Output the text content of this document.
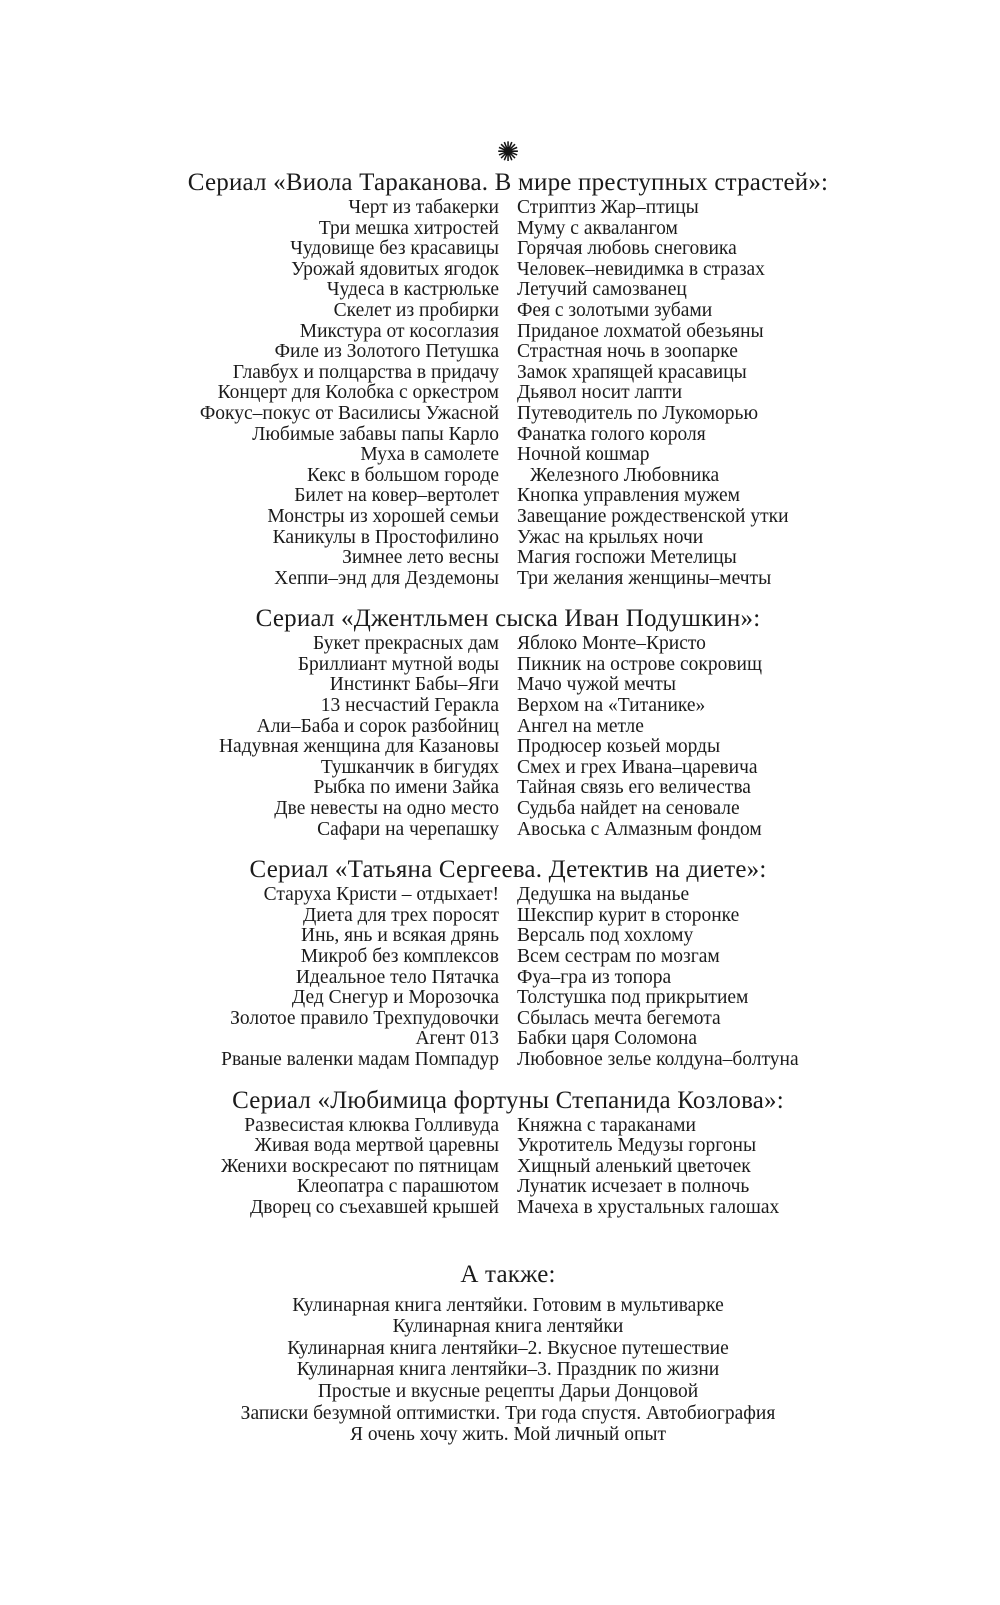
✺
Сериал «Виола Тараканова. В мире преступных страстей»:
Черт из табакерки
Три мешка хитростей
Чудовище без красавицы
Урожай ядовитых ягодок
Чудеса в кастрюльке
Скелет из пробирки
Микстура от косоглазия
Филе из Золотого Петушка
Главбух и полцарства в придачу
Концерт для Колобка с оркестром
Фокус–покус от Василисы Ужасной
Любимые забавы папы Карло
Муха в самолете
Кекс в большом городе
Билет на ковер–вертолет
Монстры из хорошей семьи
Каникулы в Простофилино
Зимнее лето весны
Хеппи–энд для Дездемоны
Стриптиз Жар–птицы
Муму с аквалангом
Горячая любовь снеговика
Человек–невидимка в стразах
Летучий самозванец
Фея с золотыми зубами
Приданое лохматой обезьяны
Страстная ночь в зоопарке
Замок храпящей красавицы
Дьявол носит лапти
Путеводитель по Лукоморью
Фанатка голого короля
Ночной кошмар
Железного Любовника
Кнопка управления мужем
Завещание рождественской утки
Ужас на крыльях ночи
Магия госпожи Метелицы
Три желания женщины–мечты
Сериал «Джентльмен сыска Иван Подушкин»:
Букет прекрасных дам
Бриллиант мутной воды
Инстинкт Бабы–Яги
13 несчастий Геракла
Али–Баба и сорок разбойниц
Надувная женщина для Казановы
Тушканчик в бигудях
Рыбка по имени Зайка
Две невесты на одно место
Сафари на черепашку
Яблоко Монте–Кристо
Пикник на острове сокровищ
Мачо чужой мечты
Верхом на «Титанике»
Ангел на метле
Продюсер козьей морды
Смех и грех Ивана–царевича
Тайная связь его величества
Судьба найдет на сеновале
Авоська с Алмазным фондом
Сериал «Татьяна Сергеева. Детектив на диете»:
Старуха Кристи – отдыхает!
Диета для трех поросят
Инь, янь и всякая дрянь
Микроб без комплексов
Идеальное тело Пятачка
Дед Снегур и Морозочка
Золотое правило Трехпудовочки
Агент 013
Рваные валенки мадам Помпадур
Дедушка на выданье
Шекспир курит в сторонке
Версаль под хохлому
Всем сестрам по мозгам
Фуа–гра из топора
Толстушка под прикрытием
Сбылась мечта бегемота
Бабки царя Соломона
Любовное зелье колдуна–болтуна
Сериал «Любимица фортуны Степанида Козлова»:
Развесистая клюква Голливуда
Живая вода мертвой царевны
Женихи воскресают по пятницам
Клеопатра с парашютом
Дворец со съехавшей крышей
Княжна с тараканами
Укротитель Медузы горгоны
Хищный аленький цветочек
Лунатик исчезает в полночь
Мачеха в хрустальных галошах
А также:
Кулинарная книга лентяйки. Готовим в мультиварке
Кулинарная книга лентяйки
Кулинарная книга лентяйки–2. Вкусное путешествие
Кулинарная книга лентяйки–3. Праздник по жизни
Простые и вкусные рецепты Дарьи Донцовой
Записки безумной оптимистки. Три года спустя. Автобиография
Я очень хочу жить. Мой личный опыт
